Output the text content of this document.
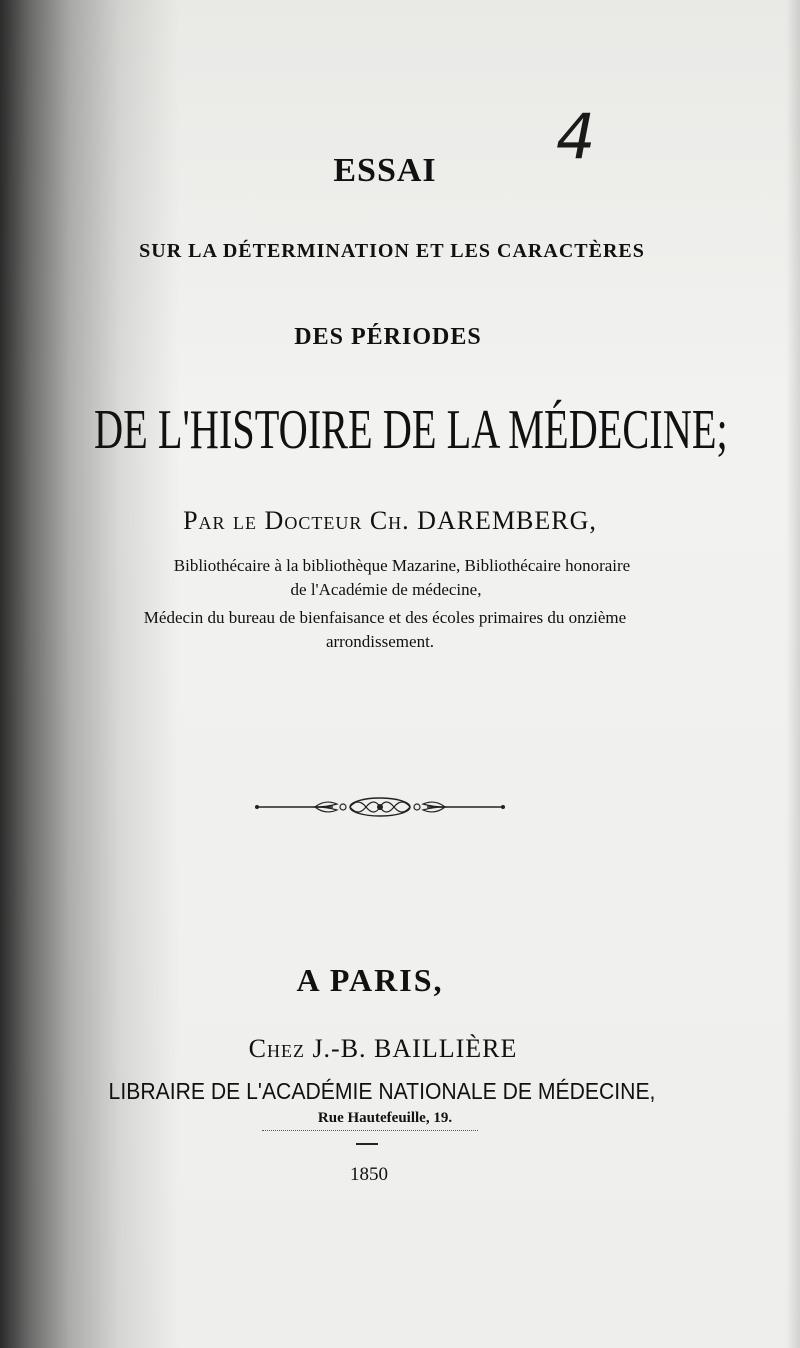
4
ESSAI
SUR LA DÉTERMINATION ET LES CARACTÈRES
DES PÉRIODES
DE L'HISTOIRE DE LA MÉDECINE;
Par le Docteur Ch. DAREMBERG,
Bibliothécaire à la bibliothèque Mazarine, Bibliothécaire honoraire
de l'Académie de médecine,
Médecin du bureau de bienfaisance et des écoles primaires du onzième
arrondissement.
A PARIS,
Chez J.-B. BAILLIÈRE
LIBRAIRE DE L'ACADÉMIE NATIONALE DE MÉDECINE,
Rue Hautefeuille, 19.
1850
